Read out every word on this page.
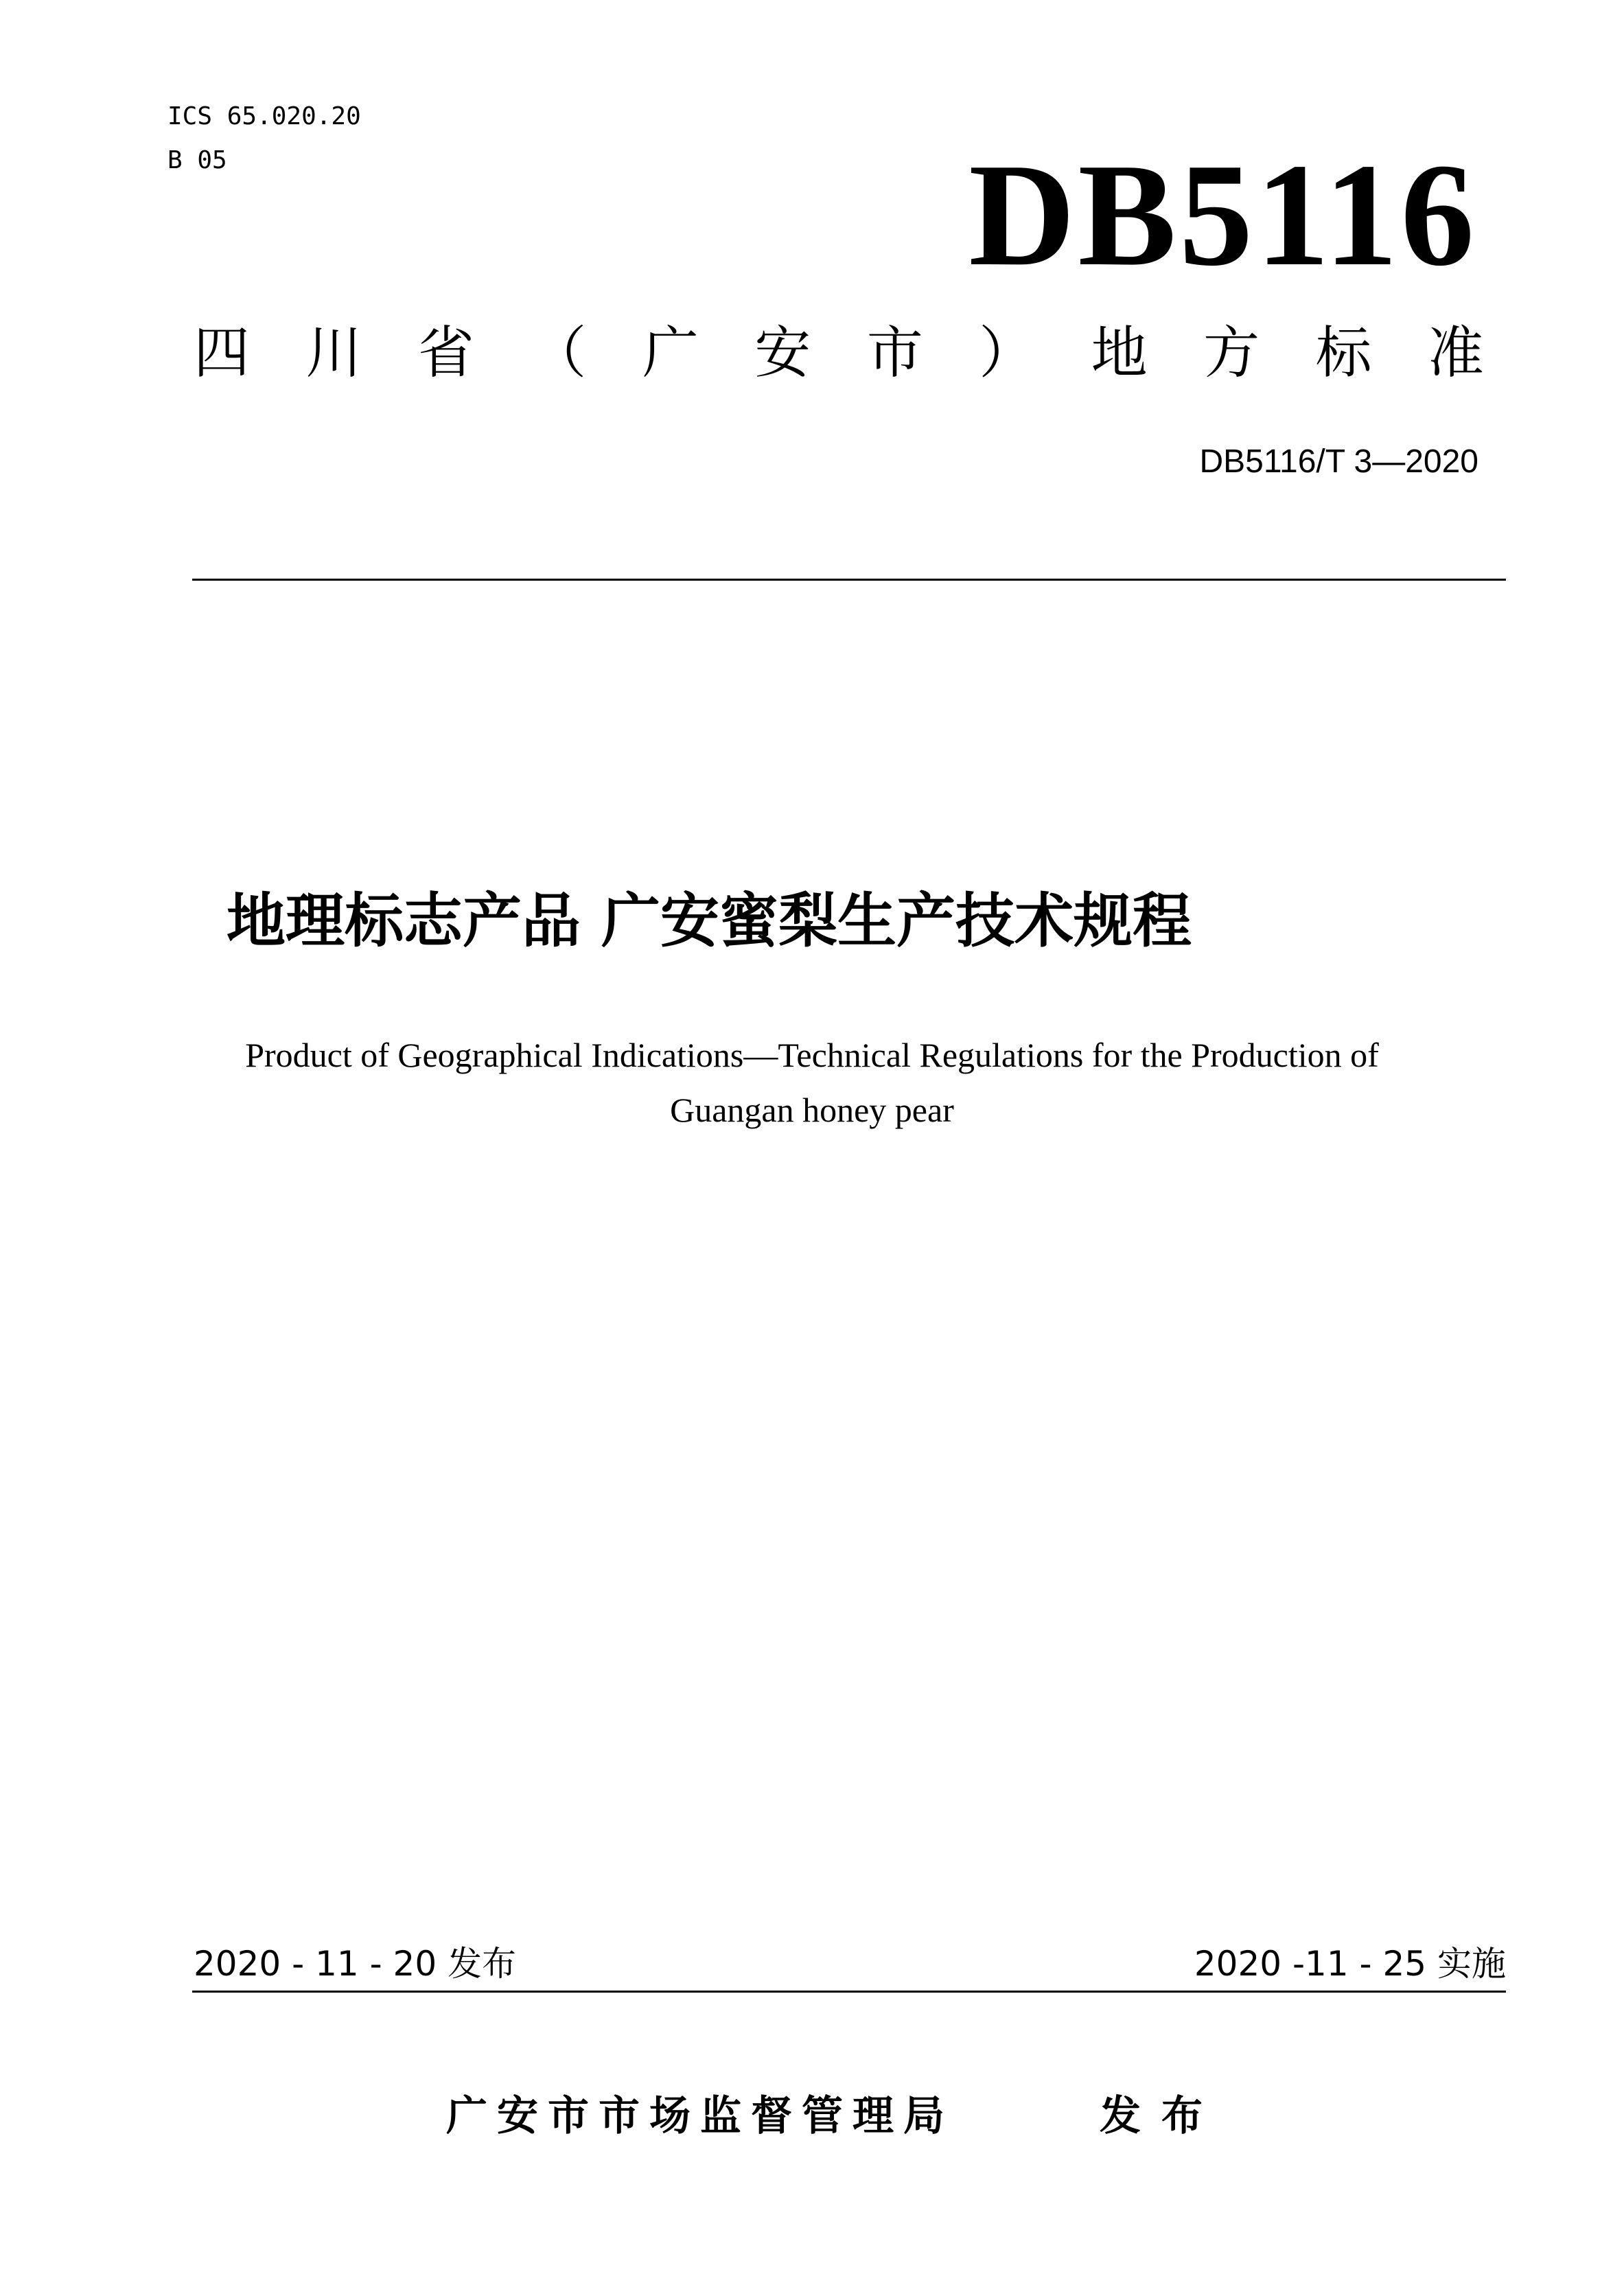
ICS 65.020.20
B 05	DB5116
四 川 省 （ 广 安 市 ） 地 方 标 准
DB5116/T 3—2020
地理标志产品 广安蜜梨生产技术规程
Product of Geographical Indications—Technical Regulations for the Production of
Guangan honey pear
2020 - 11 - 20 发布	2020 -11 - 25 实施
广安市市场监督管理局	发布
